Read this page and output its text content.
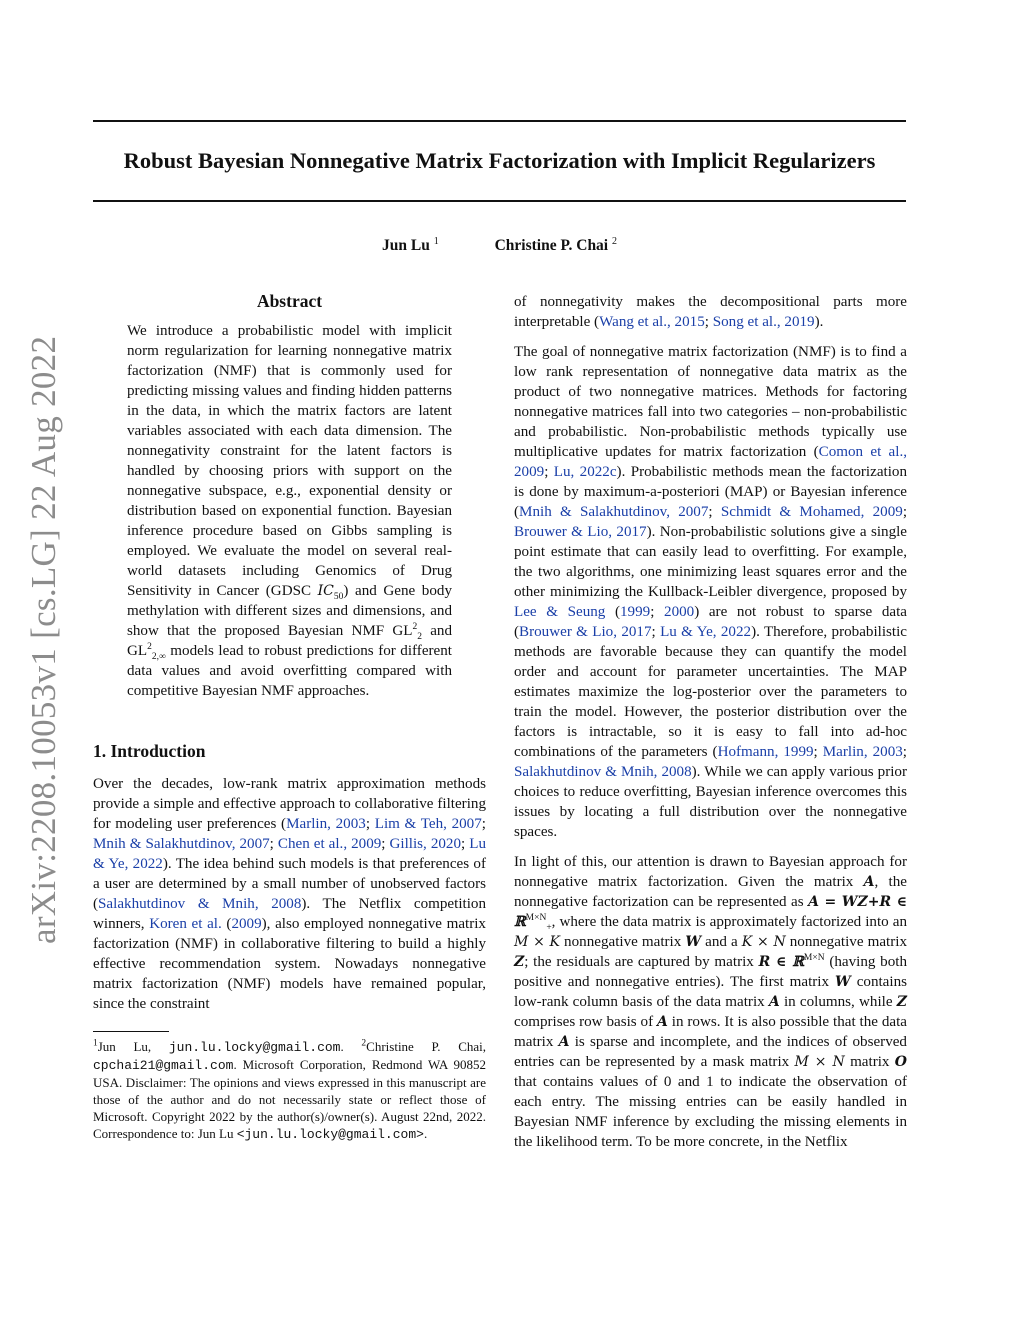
Robust Bayesian Nonnegative Matrix Factorization with Implicit Regularizers
Jun Lu $^1$	Christine P. Chai $^2$
arXiv:2208.10053v1 [cs.LG] 22 Aug 2022
Abstract

We introduce a probabilistic model with implicit norm regularization for learning nonnegative matrix factorization (NMF) that is commonly used for predicting missing values and finding hidden patterns in the data, in which the matrix factors are latent variables associated with each data dimension. The nonnegativity constraint for the latent factors is handled by choosing priors with support on the nonnegative subspace, e.g., exponential density or distribution based on exponential function. Bayesian inference procedure based on Gibbs sampling is employed. We evaluate the model on several real-world datasets including Genomics of Drug Sensitivity in Cancer (GDSC $IC_{50}$) and Gene body methylation with different sizes and dimensions, and show that the proposed Bayesian NMF $GL^2_2$ and $GL^2_{2,\infty}$ models lead to robust predictions for different data values and avoid overfitting compared with competitive Bayesian NMF approaches.

1. Introduction

Over the decades, low-rank matrix approximation methods provide a simple and effective approach to collaborative filtering for modeling user preferences (Marlin, 2003; Lim & Teh, 2007; Mnih & Salakhutdinov, 2007; Chen et al., 2009; Gillis, 2020; Lu & Ye, 2022). The idea behind such models is that preferences of a user are determined by a small number of unobserved factors (Salakhutdinov & Mnih, 2008). The Netflix competition winners, Koren et al. (2009), also employed nonnegative matrix factorization (NMF) in collaborative filtering to build a highly effective recommendation system. Nowadays nonnegative matrix factorization (NMF) models have remained popular, since the constraint

$^1$Jun Lu, jun.lu.locky@gmail.com. $^2$Christine P. Chai, cpchai21@gmail.com. Microsoft Corporation, Redmond WA 90852 USA. Disclaimer: The opinions and views expressed in this manuscript are those of the author and do not necessarily state or reflect those of Microsoft. Copyright 2022 by the author(s)/owner(s). August 22nd, 2022. Correspondence to: Jun Lu <jun.lu.locky@gmail.com>.

of nonnegativity makes the decompositional parts more interpretable (Wang et al., 2015; Song et al., 2019).

The goal of nonnegative matrix factorization (NMF) is to find a low rank representation of nonnegative data matrix as the product of two nonnegative matrices. Methods for factoring nonnegative matrices fall into two categories – non-probabilistic and probabilistic. Non-probabilistic methods typically use multiplicative updates for matrix factorization (Comon et al., 2009; Lu, 2022c). Probabilistic methods mean the factorization is done by maximum-a-posteriori (MAP) or Bayesian inference (Mnih & Salakhutdinov, 2007; Schmidt & Mohamed, 2009; Brouwer & Lio, 2017). Non-probabilistic solutions give a single point estimate that can easily lead to overfitting. For example, the two algorithms, one minimizing least squares error and the other minimizing the Kullback-Leibler divergence, proposed by Lee & Seung (1999; 2000) are not robust to sparse data (Brouwer & Lio, 2017; Lu & Ye, 2022). Therefore, probabilistic methods are favorable because they can quantify the model order and account for parameter uncertainties. The MAP estimates maximize the log-posterior over the parameters to train the model. However, the posterior distribution over the factors is intractable, so it is easy to fall into ad-hoc combinations of the parameters (Hofmann, 1999; Marlin, 2003; Salakhutdinov & Mnih, 2008). While we can apply various prior choices to reduce overfitting, Bayesian inference overcomes this issues by locating a full distribution over the nonnegative spaces.

In light of this, our attention is drawn to Bayesian approach for nonnegative matrix factorization. Given the matrix A, the nonnegative factorization can be represented as A = WZ+R ∈ ℝ$^{M\times N}_+$, where the data matrix is approximately factorized into an M × K nonnegative matrix W and a K × N nonnegative matrix Z; the residuals are captured by matrix R ∈ ℝ$^{M\times N}$ (having both positive and nonnegative entries). The first matrix W contains low-rank column basis of the data matrix A in columns, while Z comprises row basis of A in rows. It is also possible that the data matrix A is sparse and incomplete, and the indices of observed entries can be represented by a mask matrix M × N matrix O that contains values of 0 and 1 to indicate the observation of each entry. The missing entries can be easily handled in Bayesian NMF inference by excluding the missing elements in the likelihood term. To be more concrete, in the Netflix
